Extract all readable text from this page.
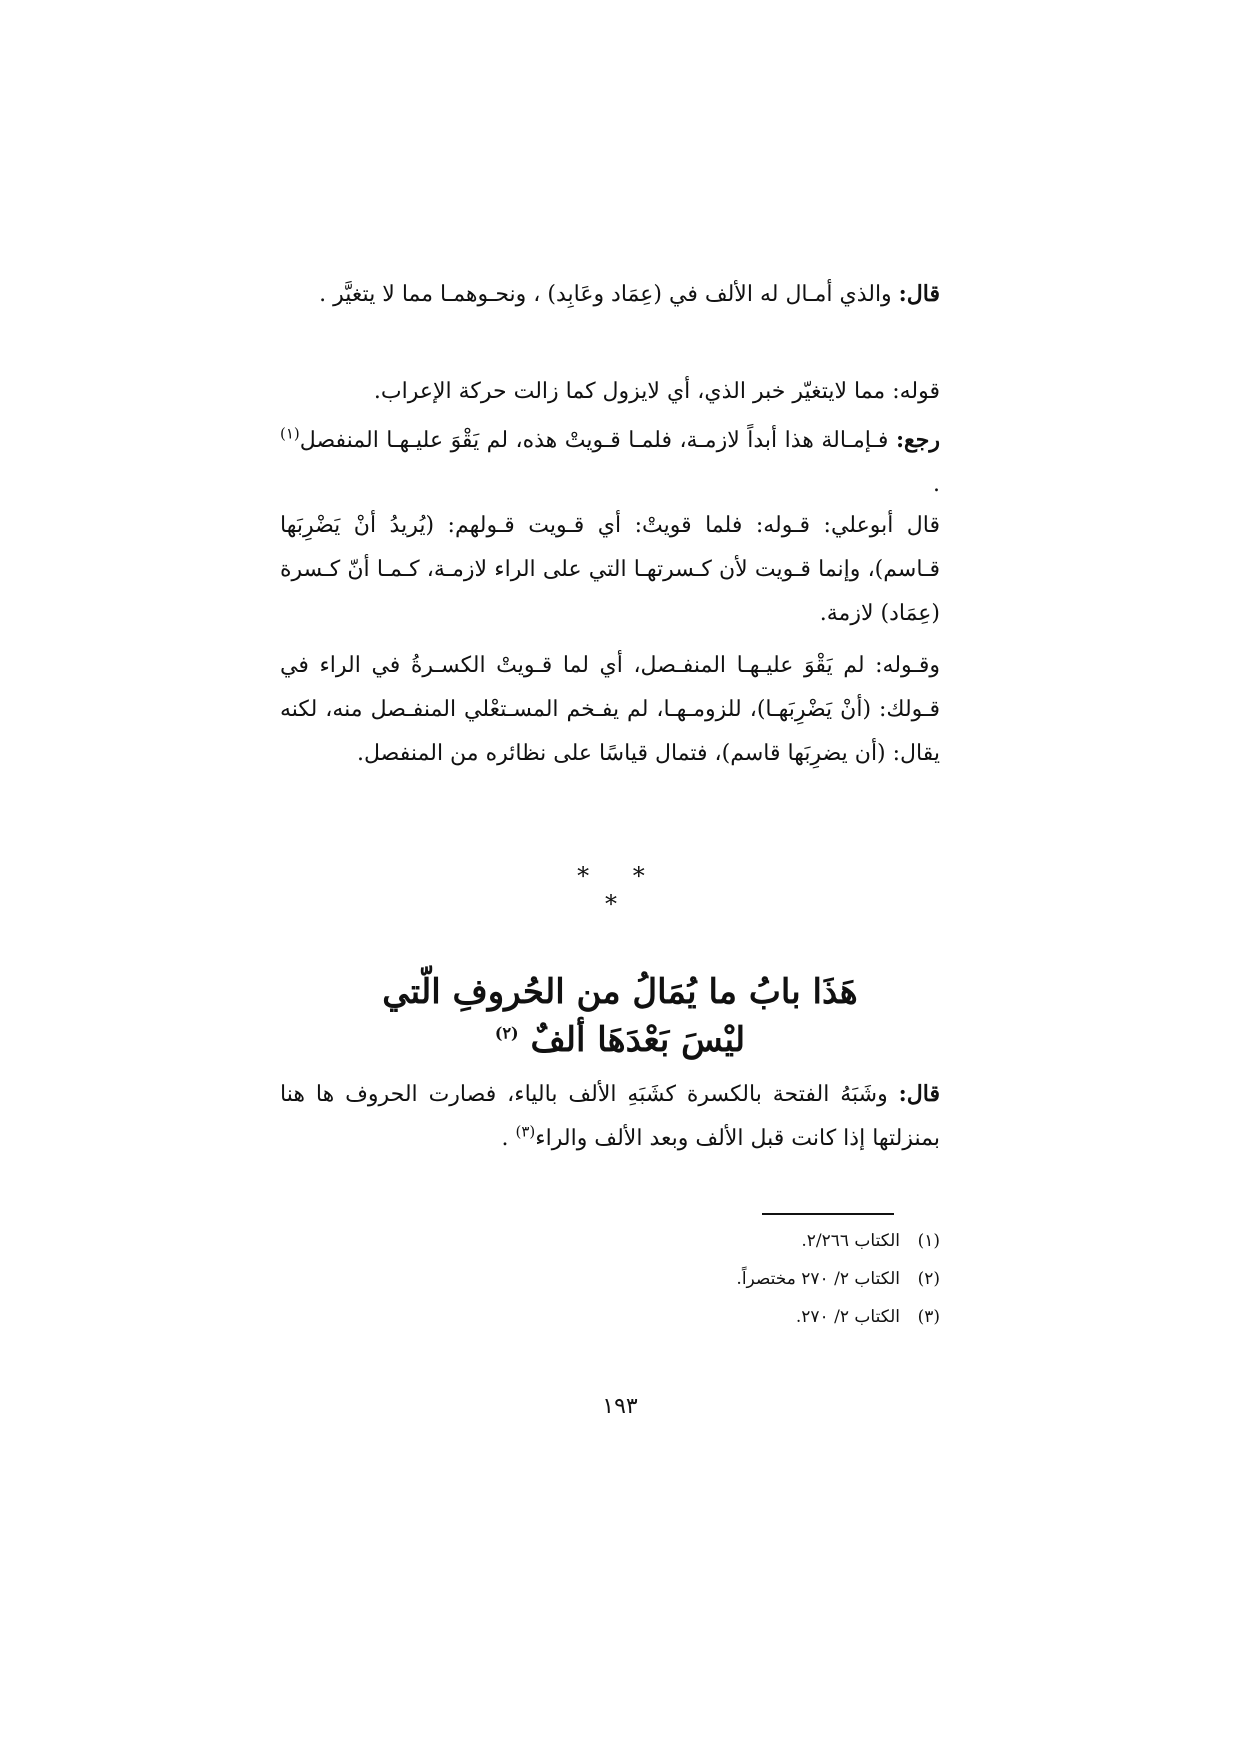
قال: والذي أمـال له الألف في (عِمَاد وعَابِد) ، ونحـوهمـا مما لا يتغيَّر .

قوله: مما لايتغيّر خبر الذي، أي لايزول كما زالت حركة الإعراب.

رجع: فـإمـالة هذا أبداً لازمـة، فلمـا قـويتْ هذه، لم يَقْوَ عليـهـا المنفصل$^{(١)}$ .

قال أبوعلي: قـوله: فلما قويتْ: أي قـويت قـولهم: (يُريدُ أنْ يَضْرِبَها قـاسم)، وإنما قـويت لأن كـسرتهـا التي على الراء لازمـة، كـمـا أنّ كـسرة (عِمَاد) لازمة.

وقـوله: لم يَقْوَ عليـهـا المنفـصل، أي لما قـويتْ الكسـرةُ في الراء في قـولك: (أنْ يَضْرِبَهـا)، للزومـهـا، لم يفـخم المسـتعْلي المنفـصل منه، لكنه يقال: (أن يضرِبَها قاسم)، فتمال قياسًا على نظائره من المنفصل.

* * *
هَذَا بابُ ما يُمَالُ من الحُروفِ الّتي
ليْسَ بَعْدَهَا ألفٌ $^{(٢)}$

قال: وشَبَهُ الفتحة بالكسرة كشَبَهِ الألف بالياء، فصارت الحروف ها هنا بمنزلتها إذا كانت قبل الألف وبعد الألف والراء$^{(٣)}$ .

(١)الكتاب ٢/٢٦٦.
(٢)الكتاب ٢/ ٢٧٠ مختصراً.
(٣)الكتاب ٢/ ٢٧٠.
١٩٣
